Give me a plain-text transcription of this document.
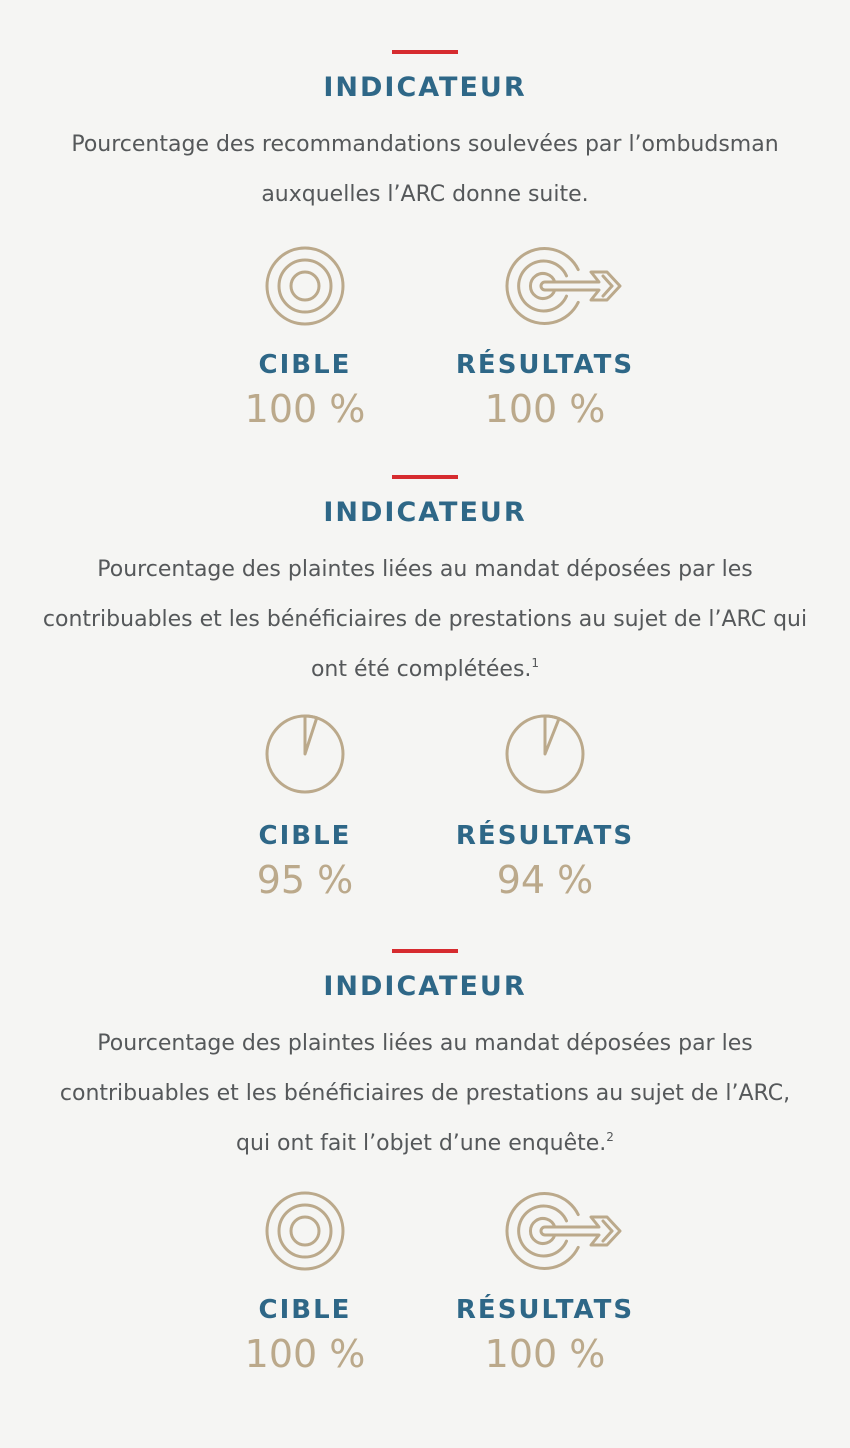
INDICATEUR
Pourcentage des recommandations soulevées par l’ombudsman auxquelles l’ARC donne suite.
CIBLE
100 %
RÉSULTATS
100 %
INDICATEUR
Pourcentage des plaintes liées au mandat déposées par les contribuables et les bénéficiaires de prestations au sujet de l’ARC qui ont été complétées.$^1$
CIBLE
95 %
RÉSULTATS
94 %
INDICATEUR
Pourcentage des plaintes liées au mandat déposées par les contribuables et les bénéficiaires de prestations au sujet de l’ARC, qui ont fait l’objet d’une enquête.$^2$
CIBLE
100 %
RÉSULTATS
100 %
